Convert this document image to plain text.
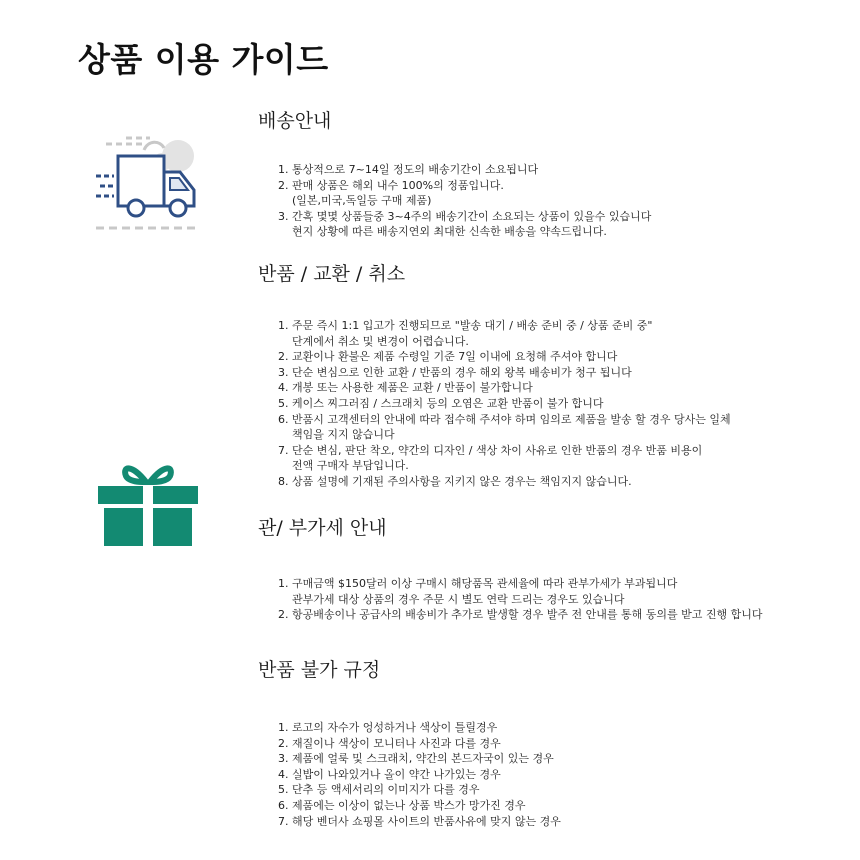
상품 이용 가이드
배송안내
1. 통상적으로 7~14일 정도의 배송기간이 소요됩니다
2. 판매 상품은 해외 내수 100%의 정품입니다.
(일본,미국,독일등 구매 제품)
3. 간혹 몇몇 상품들중 3~4주의 배송기간이 소요되는 상품이 있을수 있습니다
현지 상황에 따른 배송지연외 최대한 신속한 배송을 약속드립니다.
반품 / 교환 / 취소
1. 주문 즉시 1:1 입고가 진행되므로 "발송 대기 / 배송 준비 중 / 상품 준비 중"
단계에서 취소 및 변경이 어렵습니다.
2. 교환이나 환불은 제품 수령일 기준 7일 이내에 요청해 주셔야 합니다
3. 단순 변심으로 인한 교환 / 반품의 경우 해외 왕복 배송비가 청구 됩니다
4. 개봉 또는 사용한 제품은 교환 / 반품이 불가합니다
5. 케이스 찌그러짐 / 스크래치 등의 오염은 교환 반품이 불가 합니다
6. 반품시 고객센터의 안내에 따라 접수해 주셔야 하며 임의로 제품을 발송 할 경우 당사는 일체
책임을 지지 않습니다
7. 단순 변심, 판단 착오, 약간의 디자인 / 색상 차이 사유로 인한 반품의 경우 반품 비용이
전액 구매자 부담입니다.
8. 상품 설명에 기재된 주의사항을 지키지 않은 경우는 책임지지 않습니다.
관/ 부가세 안내
1. 구매금액 $150달러 이상 구매시 해당품목 관세율에 따라 관부가세가 부과됩니다
관부가세 대상 상품의 경우 주문 시 별도 연락 드리는 경우도 있습니다
2. 항공배송이나 공급사의 배송비가 추가로 발생할 경우 발주 전 안내를 통해 동의를 받고 진행 합니다
반품 불가 규정
1. 로고의 자수가 엉성하거나 색상이 틀릴경우
2. 재질이나 색상이 모니터나 사진과 다를 경우
3. 제품에 얼룩 및 스크래치, 약간의 본드자국이 있는 경우
4. 실밥이 나와있거나 올이 약간 나가있는 경우
5. 단추 등 액세서리의 이미지가 다를 경우
6. 제품에는 이상이 없는나 상품 박스가 망가진 경우
7. 해당 벤더사 쇼핑몰 사이트의 반품사유에 맞지 않는 경우
